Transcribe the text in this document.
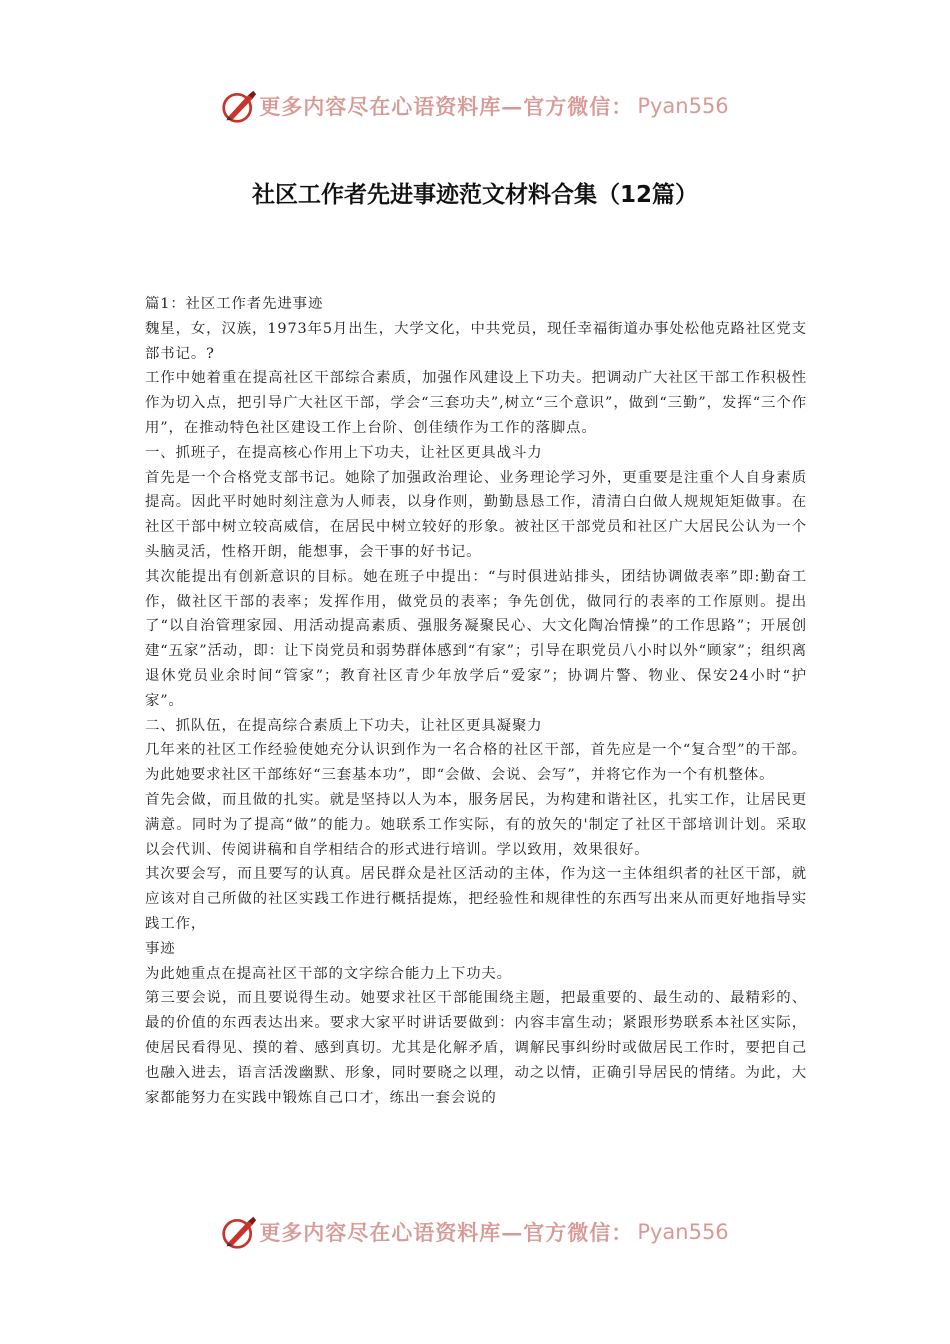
更多内容尽在心语资料库—官方微信： Pyan556
社区工作者先进事迹范文材料合集（12篇）

篇1：社区工作者先进事迹

魏星，女，汉族，1973年5月出生，大学文化，中共党员，现任幸福街道办事处松他克路社区党支部书记。?

工作中她着重在提高社区干部综合素质，加强作风建设上下功夫。把调动广大社区干部工作积极性作为切入点，把引导广大社区干部，学会“三套功夫”,树立“三个意识”，做到“三勤”，发挥“三个作用”，在推动特色社区建设工作上台阶、创佳绩作为工作的落脚点。

一、抓班子，在提高核心作用上下功夫，让社区更具战斗力

首先是一个合格党支部书记。她除了加强政治理论、业务理论学习外，更重要是注重个人自身素质提高。因此平时她时刻注意为人师表，以身作则，勤勤恳恳工作，清清白白做人规规矩矩做事。在社区干部中树立较高威信，在居民中树立较好的形象。被社区干部党员和社区广大居民公认为一个头脑灵活，性格开朗，能想事，会干事的好书记。

其次能提出有创新意识的目标。她在班子中提出：“与时俱进站排头，团结协调做表率”即:勤奋工作，做社区干部的表率；发挥作用，做党员的表率；争先创优，做同行的表率的工作原则。提出了“以自治管理家园、用活动提高素质、强服务凝聚民心、大文化陶冶情操”的工作思路”；开展创建“五家”活动，即：让下岗党员和弱势群体感到“有家”；引导在职党员八小时以外“顾家”；组织离退休党员业余时间“管家”；教育社区青少年放学后“爱家”；协调片警、物业、保安24小时“护家”。

二、抓队伍，在提高综合素质上下功夫，让社区更具凝聚力

几年来的社区工作经验使她充分认识到作为一名合格的社区干部，首先应是一个“复合型”的干部。为此她要求社区干部练好“三套基本功”，即“会做、会说、会写”，并将它作为一个有机整体。

首先会做，而且做的扎实。就是坚持以人为本，服务居民，为构建和谐社区，扎实工作，让居民更满意。同时为了提高“做”的能力。她联系工作实际，有的放矢的'制定了社区干部培训计划。采取以会代训、传阅讲稿和自学相结合的形式进行培训。学以致用，效果很好。

其次要会写，而且要写的认真。居民群众是社区活动的主体，作为这一主体组织者的社区干部，就应该对自己所做的社区实践工作进行概括提炼，把经验性和规律性的东西写出来从而更好地指导实践工作，

事迹

为此她重点在提高社区干部的文字综合能力上下功夫。

第三要会说，而且要说得生动。她要求社区干部能围绕主题，把最重要的、最生动的、最精彩的、最的价值的东西表达出来。要求大家平时讲话要做到：内容丰富生动；紧跟形势联系本社区实际，使居民看得见、摸的着、感到真切。尤其是化解矛盾，调解民事纠纷时或做居民工作时，要把自己也融入进去，语言活泼幽默、形象，同时要晓之以理，动之以情，正确引导居民的情绪。为此，大家都能努力在实践中锻炼自己口才，练出一套会说的

更多内容尽在心语资料库—官方微信： Pyan556
